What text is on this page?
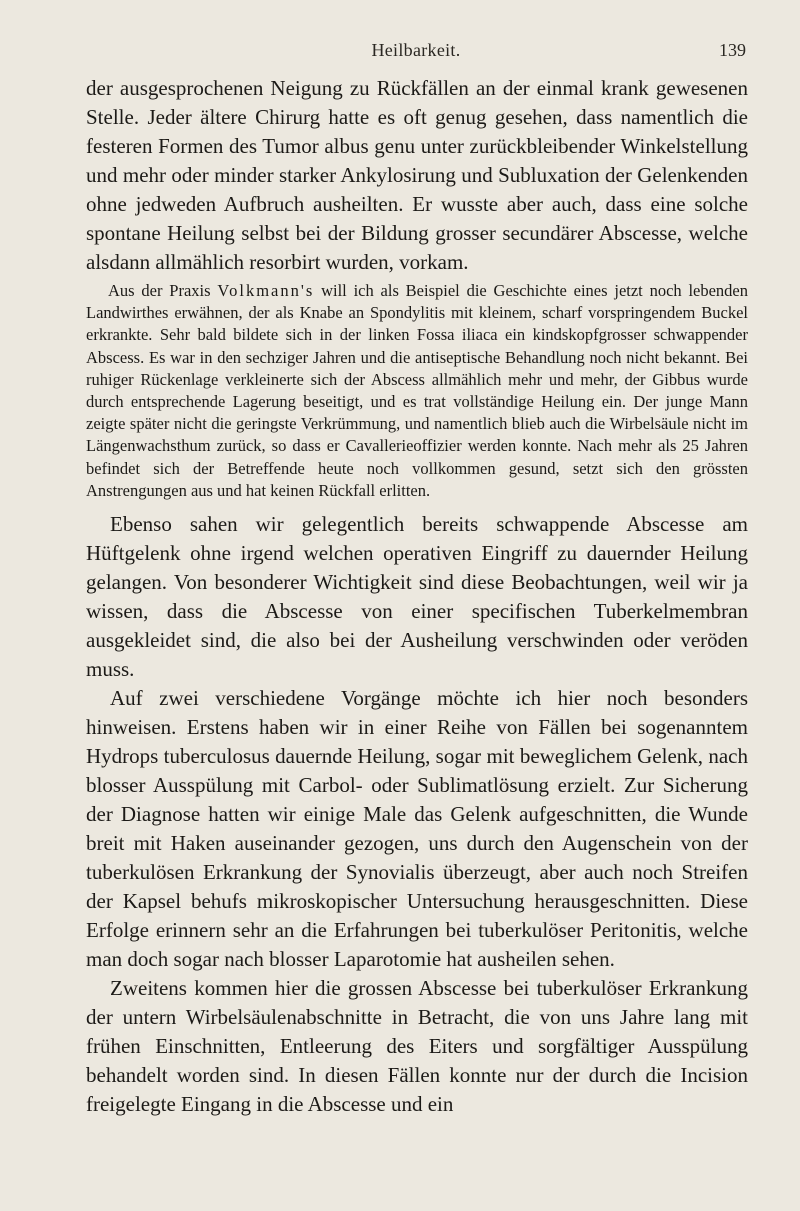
Heilbarkeit.	139

der ausgesprochenen Neigung zu Rückfällen an der einmal krank gewesenen Stelle. Jeder ältere Chirurg hatte es oft genug gesehen, dass namentlich die festeren Formen des Tumor albus genu unter zurückbleibender Winkelstellung und mehr oder minder starker Ankylosirung und Subluxation der Gelenkenden ohne jedweden Aufbruch ausheilten. Er wusste aber auch, dass eine solche spontane Heilung selbst bei der Bildung grosser secundärer Abscesse, welche alsdann allmählich resorbirt wurden, vorkam.

Aus der Praxis Volkmann's will ich als Beispiel die Geschichte eines jetzt noch lebenden Landwirthes erwähnen, der als Knabe an Spondylitis mit kleinem, scharf vorspringendem Buckel erkrankte. Sehr bald bildete sich in der linken Fossa iliaca ein kindskopfgrosser schwappender Abscess. Es war in den sechziger Jahren und die antiseptische Behandlung noch nicht bekannt. Bei ruhiger Rückenlage verkleinerte sich der Abscess allmählich mehr und mehr, der Gibbus wurde durch entsprechende Lagerung beseitigt, und es trat vollständige Heilung ein. Der junge Mann zeigte später nicht die geringste Verkrümmung, und namentlich blieb auch die Wirbelsäule nicht im Längenwachsthum zurück, so dass er Cavallerieoffizier werden konnte. Nach mehr als 25 Jahren befindet sich der Betreffende heute noch vollkommen gesund, setzt sich den grössten Anstrengungen aus und hat keinen Rückfall erlitten.

Ebenso sahen wir gelegentlich bereits schwappende Abscesse am Hüftgelenk ohne irgend welchen operativen Eingriff zu dauernder Heilung gelangen. Von besonderer Wichtigkeit sind diese Beobachtungen, weil wir ja wissen, dass die Abscesse von einer specifischen Tuberkelmembran ausgekleidet sind, die also bei der Ausheilung verschwinden oder veröden muss.

Auf zwei verschiedene Vorgänge möchte ich hier noch besonders hinweisen. Erstens haben wir in einer Reihe von Fällen bei sogenanntem Hydrops tuberculosus dauernde Heilung, sogar mit beweglichem Gelenk, nach blosser Ausspülung mit Carbol- oder Sublimatlösung erzielt. Zur Sicherung der Diagnose hatten wir einige Male das Gelenk aufgeschnitten, die Wunde breit mit Haken auseinander gezogen, uns durch den Augenschein von der tuberkulösen Erkrankung der Synovialis überzeugt, aber auch noch Streifen der Kapsel behufs mikroskopischer Untersuchung herausgeschnitten. Diese Erfolge erinnern sehr an die Erfahrungen bei tuberkulöser Peritonitis, welche man doch sogar nach blosser Laparotomie hat ausheilen sehen.

Zweitens kommen hier die grossen Abscesse bei tuberkulöser Erkrankung der untern Wirbelsäulenabschnitte in Betracht, die von uns Jahre lang mit frühen Einschnitten, Entleerung des Eiters und sorgfältiger Ausspülung behandelt worden sind. In diesen Fällen konnte nur der durch die Incision freigelegte Eingang in die Abscesse und ein
